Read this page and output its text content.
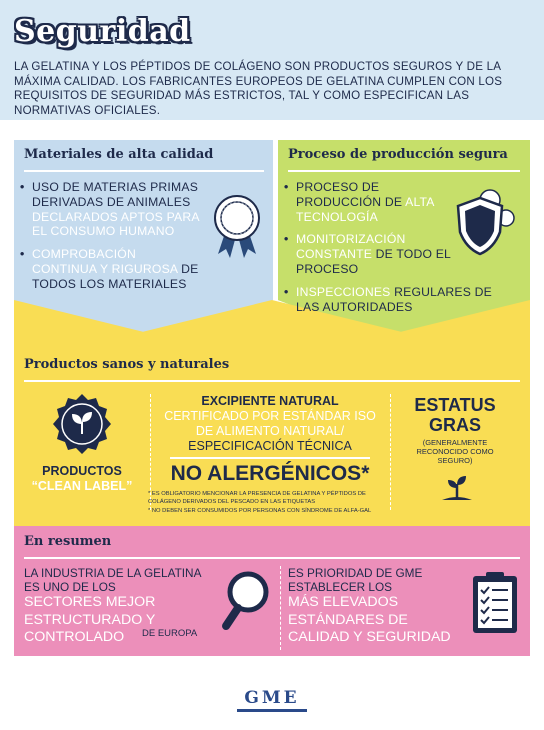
Seguridad
LA GELATINA Y LOS PÉPTIDOS DE COLÁGENO SON PRODUCTOS SEGUROS Y DE LA MÁXIMA CALIDAD. LOS FABRICANTES EUROPEOS DE GELATINA CUMPLEN CON LOS REQUISITOS DE SEGURIDAD MÁS ESTRICTOS, TAL Y COMO ESPECIFICAN LAS NORMATIVAS OFICIALES.
Materiales de alta calidad
• USO DE MATERIAS PRIMAS DERIVADAS DE ANIMALES DECLARADOS APTOS PARA EL CONSUMO HUMANO
• COMPROBACIÓN CONTINUA Y RIGUROSA DE TODOS LOS MATERIALES
Proceso de producción segura
• PROCESO DE PRODUCCIÓN DE ALTA TECNOLOGÍA
• MONITORIZACIÓN CONSTANTE DE TODO EL PROCESO
• INSPECCIONES REGULARES DE LAS AUTORIDADES
Productos sanos y naturales
PRODUCTOS
“CLEAN LABEL”
EXCIPIENTE NATURAL
CERTIFICADO POR ESTÁNDAR ISO DE ALIMENTO NATURAL/
ESPECIFICACIÓN TÉCNICA
NO ALERGÉNICOS*
* ES OBLIGATORIO MENCIONAR LA PRESENCIA DE GELATINA Y PÉPTIDOS DE COLÁGENO DERIVADOS DEL PESCADO EN LAS ETIQUETAS
* NO DEBEN SER CONSUMIDOS POR PERSONAS CON SÍNDROME DE ALFA-GAL
ESTATUS GRAS
(GENERALMENTE RECONOCIDO COMO SEGURO)
En resumen
LA INDUSTRIA DE LA GELATINA ES UNO DE LOS
SECTORES MEJOR ESTRUCTURADO Y CONTROLADO	DE EUROPA
ES PRIORIDAD DE GME ESTABLECER LOS
MÁS ELEVADOS ESTÁNDARES DE CALIDAD Y SEGURIDAD
GME
